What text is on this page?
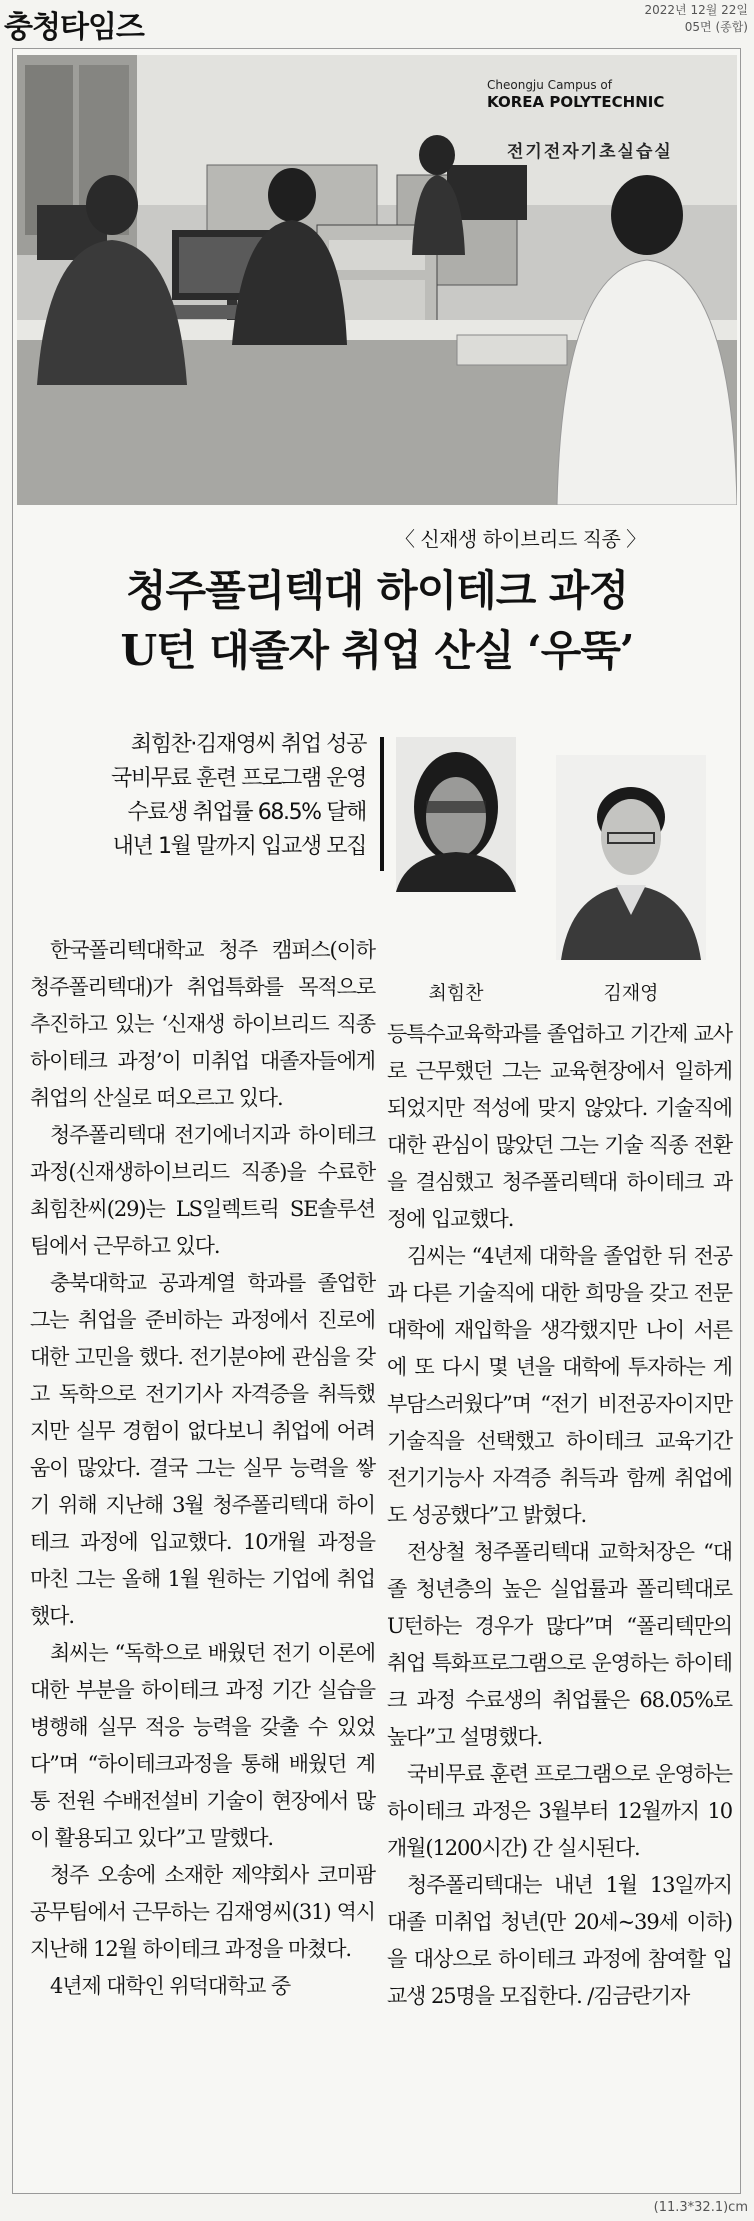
충청타임즈	2022년 12월 22일
05면 (종합)
Cheongju Campus of
KOREA POLYTECHNIC
전기전자기초실습실
〈 신재생 하이브리드 직종 〉
청주폴리텍대 하이테크 과정
U턴 대졸자 취업 산실 ‘우뚝’
최힘찬·김재영씨 취업 성공
국비무료 훈련 프로그램 운영
수료생 취업률 68.5% 달해
내년 1월 말까지 입교생 모집
최힘찬	김재영

한국폴리텍대학교 청주 캠퍼스(이하 청주폴리텍대)가 취업특화를 목적으로 추진하고 있는 ‘신재생 하이브리드 직종 하이테크 과정’이 미취업 대졸자들에게 취업의 산실로 떠오르고 있다.

청주폴리텍대 전기에너지과 하이테크과정(신재생하이브리드 직종)을 수료한 최힘찬씨(29)는 LS일렉트릭 SE솔루션팀에서 근무하고 있다.

충북대학교 공과계열 학과를 졸업한 그는 취업을 준비하는 과정에서 진로에 대한 고민을 했다. 전기분야에 관심을 갖고 독학으로 전기기사 자격증을 취득했지만 실무 경험이 없다보니 취업에 어려움이 많았다. 결국 그는 실무 능력을 쌓기 위해 지난해 3월 청주폴리텍대 하이테크 과정에 입교했다. 10개월 과정을 마친 그는 올해 1월 원하는 기업에 취업했다.

최씨는 “독학으로 배웠던 전기 이론에 대한 부분을 하이테크 과정 기간 실습을 병행해 실무 적응 능력을 갖출 수 있었다”며 “하이테크과정을 통해 배웠던 계통 전원 수배전설비 기술이 현장에서 많이 활용되고 있다”고 말했다.

청주 오송에 소재한 제약회사 코미팜 공무팀에서 근무하는 김재영씨(31) 역시 지난해 12월 하이테크 과정을 마쳤다.

4년제 대학인 위덕대학교 중

등특수교육학과를 졸업하고 기간제 교사로 근무했던 그는 교육현장에서 일하게 되었지만 적성에 맞지 않았다. 기술직에 대한 관심이 많았던 그는 기술 직종 전환을 결심했고 청주폴리텍대 하이테크 과정에 입교했다.

김씨는 “4년제 대학을 졸업한 뒤 전공과 다른 기술직에 대한 희망을 갖고 전문대학에 재입학을 생각했지만 나이 서른에 또 다시 몇 년을 대학에 투자하는 게 부담스러웠다”며 “전기 비전공자이지만 기술직을 선택했고 하이테크 교육기간 전기기능사 자격증 취득과 함께 취업에도 성공했다”고 밝혔다.

전상철 청주폴리텍대 교학처장은 “대졸 청년층의 높은 실업률과 폴리텍대로 U턴하는 경우가 많다”며 “폴리텍만의 취업 특화프로그램으로 운영하는 하이테크 과정 수료생의 취업률은 68.05%로 높다”고 설명했다.

국비무료 훈련 프로그램으로 운영하는 하이테크 과정은 3월부터 12월까지 10개월(1200시간) 간 실시된다.

청주폴리텍대는 내년 1월 13일까지 대졸 미취업 청년(만 20세~39세 이하)을 대상으로 하이테크 과정에 참여할 입교생 25명을 모집한다. /김금란기자

(11.3*32.1)cm
